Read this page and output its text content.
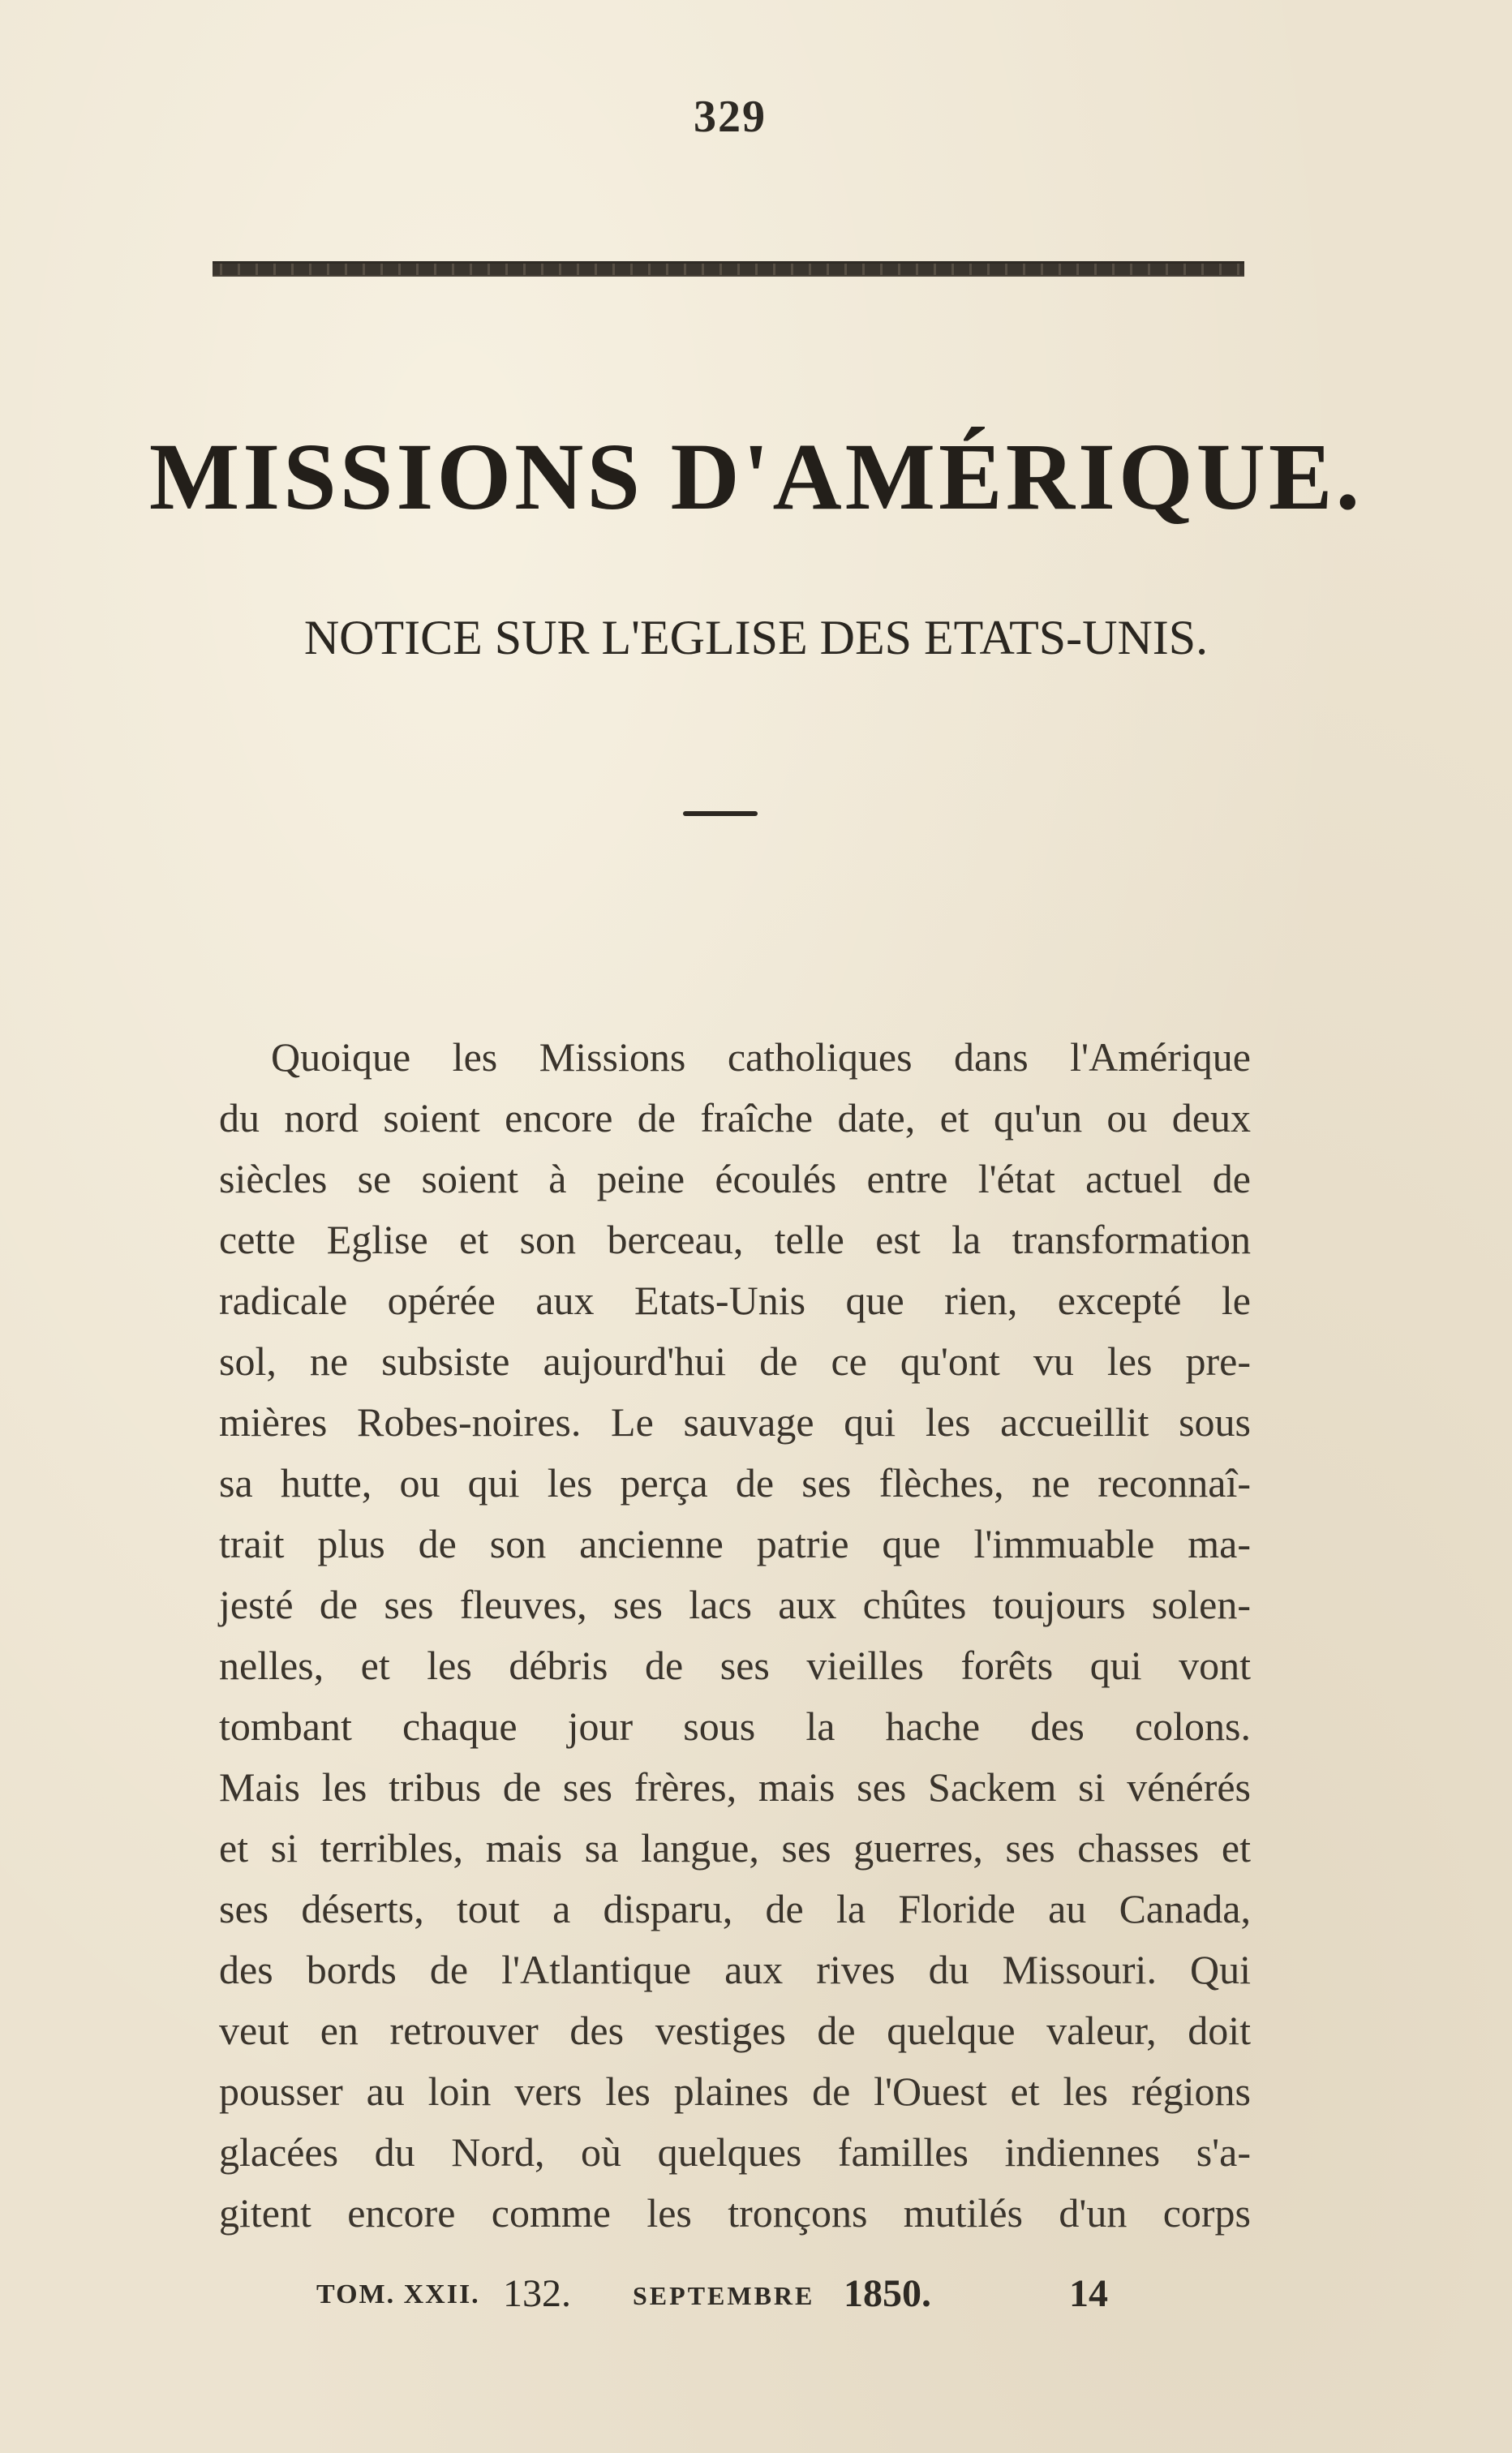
329
MISSIONS D'AMÉRIQUE.
NOTICE SUR L'EGLISE DES ETATS-UNIS.
Quoique les Missions catholiques dans l'Amérique
du nord soient encore de fraîche date, et qu'un ou deux
siècles se soient à peine écoulés entre l'état actuel de
cette Eglise et son berceau, telle est la transformation
radicale opérée aux Etats-Unis que rien, excepté le
sol, ne subsiste aujourd'hui de ce qu'ont vu les pre-
mières Robes-noires. Le sauvage qui les accueillit sous
sa hutte, ou qui les perça de ses flèches, ne reconnaî-
trait plus de son ancienne patrie que l'immuable ma-
jesté de ses fleuves, ses lacs aux chûtes toujours solen-
nelles, et les débris de ses vieilles forêts qui vont
tombant chaque jour sous la hache des colons.
Mais les tribus de ses frères, mais ses Sackem si vénérés
et si terribles, mais sa langue, ses guerres, ses chasses et
ses déserts, tout a disparu, de la Floride au Canada,
des bords de l'Atlantique aux rives du Missouri. Qui
veut en retrouver des vestiges de quelque valeur, doit
pousser au loin vers les plaines de l'Ouest et les régions
glacées du Nord, où quelques familles indiennes s'a-
gitent encore comme les tronçons mutilés d'un corps
TOM. XXII. 132. SEPTEMBRE 1850.	14
